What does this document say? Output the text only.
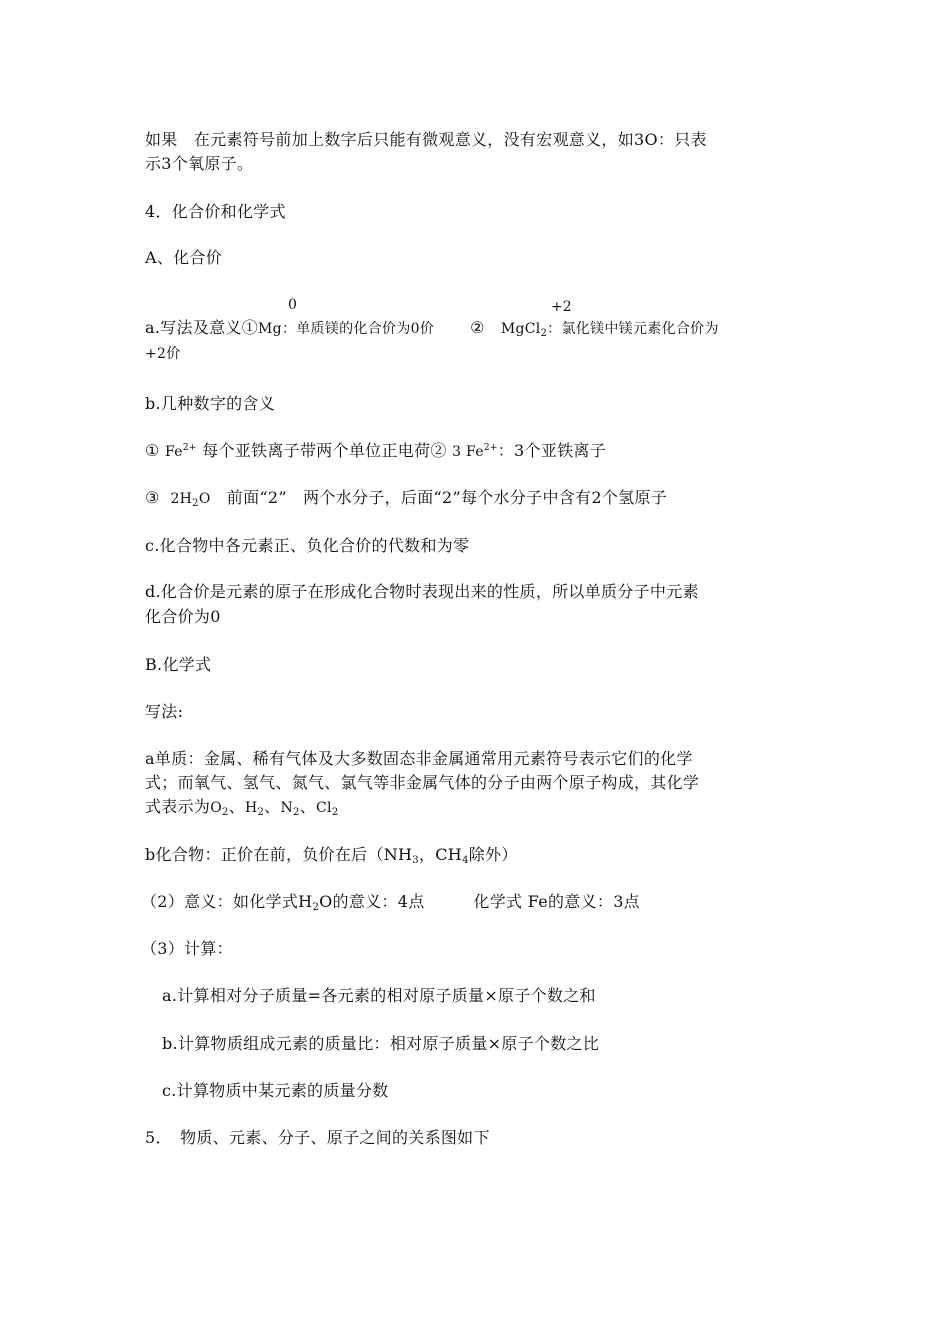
如果　在元素符号前加上数字后只能有微观意义，没有宏观意义，如3O：只表
示3个氧原子。
4．化合价和化学式
A、化合价
0	+2
a.写法及意义①Mg：单质镁的化合价为0价 ② MgCl$_2$：氯化镁中镁元素化合价为
+2价
b.几种数字的含义
① $Fe^{2+}$ 每个亚铁离子带两个单位正电荷② 3 $Fe^{2+}$：3个亚铁离子
③ $2H_2O$ 前面“2”　两个水分子，后面“2”每个水分子中含有2个氢原子
c.化合物中各元素正、负化合价的代数和为零
d.化合价是元素的原子在形成化合物时表现出来的性质，所以单质分子中元素
化合价为0
B.化学式
写法:
a单质：金属、稀有气体及大多数固态非金属通常用元素符号表示它们的化学
式；而氧气、氢气、氮气、氯气等非金属气体的分子由两个原子构成，其化学
式表示为$O_2$、$H_2$、$N_2$、$Cl_2$
b化合物：正价在前，负价在后（$NH_3$，$CH_4$除外）
（2）意义：如化学式$H_2O$的意义：4点　　　化学式 Fe的意义：3点
（3）计算：
a.计算相对分子质量=各元素的相对原子质量×原子个数之和
b.计算物质组成元素的质量比：相对原子质量×原子个数之比
c.计算物质中某元素的质量分数
5．　物质、元素、分子、原子之间的关系图如下
